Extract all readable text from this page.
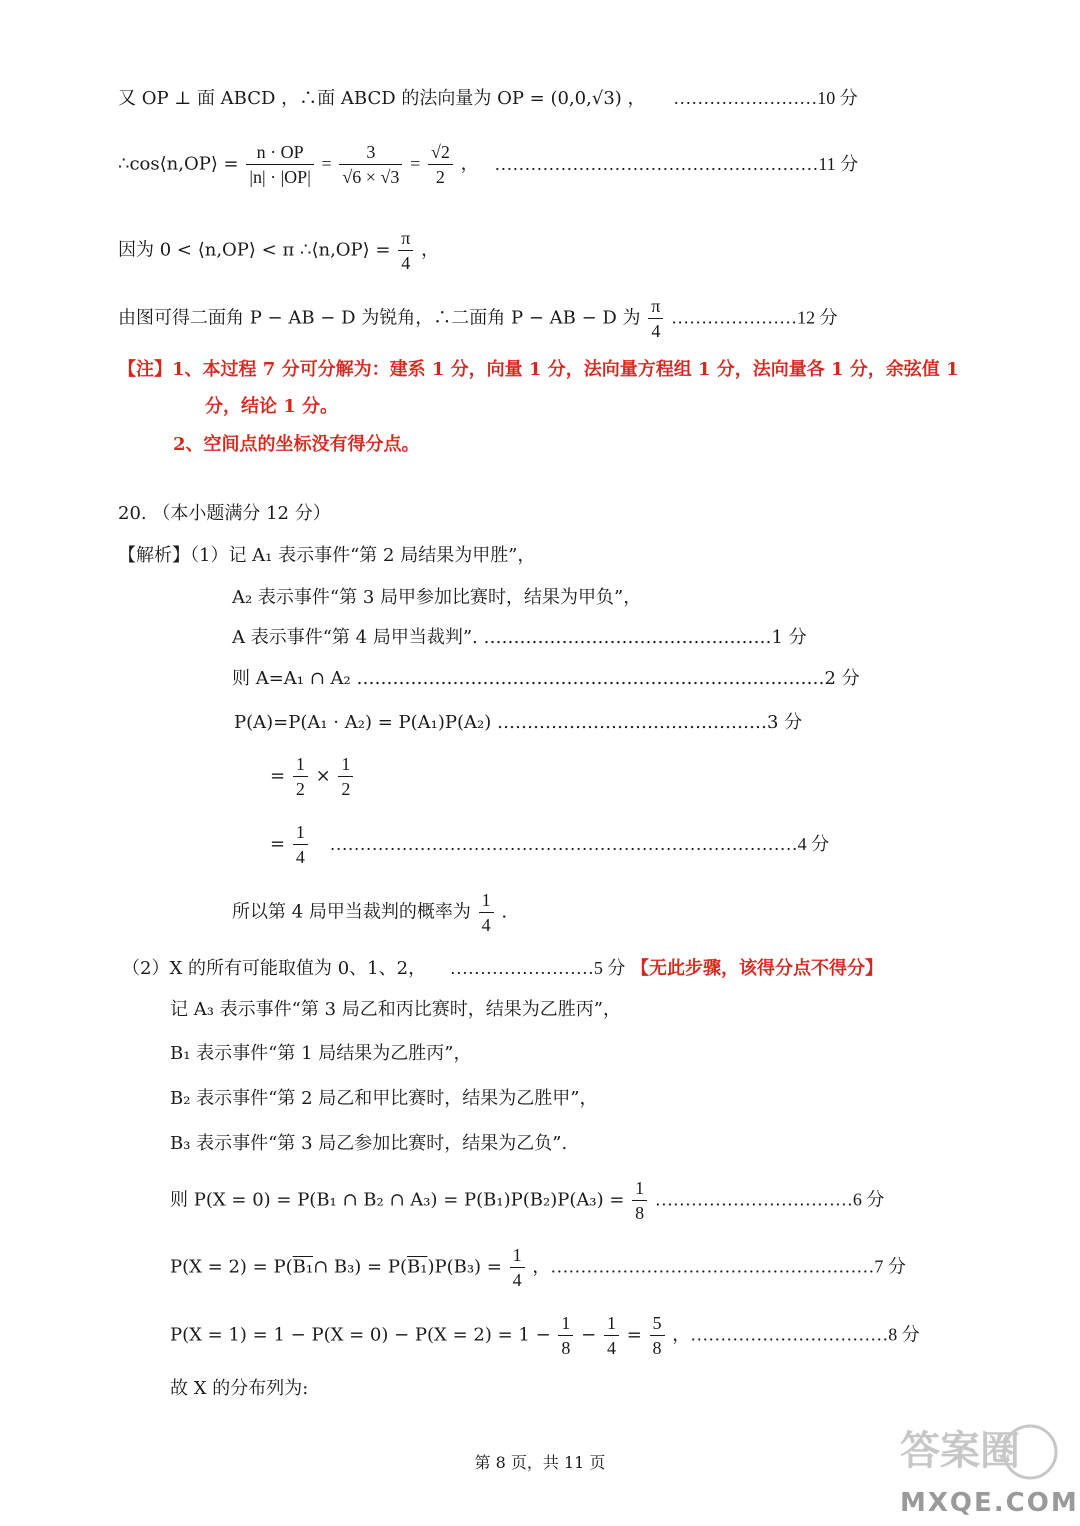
又 OP ⊥ 面 ABCD ，∴面 ABCD 的法向量为 OP = (0,0,√3) ， ……………………10 分
∴cos⟨n,OP⟩ = $\frac{n \cdot OP}{|n| \cdot |OP|} = \frac{3}{√6 \times √3} = \frac{√2}{2}$ ， ………………………………………………11 分
因为 0 < ⟨n,OP⟩ < π ∴⟨n,OP⟩ = $\frac{\pi}{4}$ ，
由图可得二面角 P − AB − D 为锐角，∴二面角 P − AB − D 为 $\frac{\pi}{4}$ …………………12 分
【注】1、本过程 7 分可分解为：建系 1 分，向量 1 分，法向量方程组 1 分，法向量各 1 分，余弦值 1
分，结论 1 分。
2、空间点的坐标没有得分点。
20. （本小题满分 12 分）
【解析】（1）记 A₁ 表示事件“第 2 局结果为甲胜”，
A₂ 表示事件“第 3 局甲参加比赛时，结果为甲负”，
A 表示事件“第 4 局甲当裁判”. …………………………………………1 分
则 A=A₁ ∩ A₂ ……………………………………………………………………2 分
P(A)=P(A₁ · A₂) = P(A₁)P(A₂) ………………………………………3 分
= $\frac{1}{2} \times \frac{1}{2}$
= $\frac{1}{4}$ ……………………………………………………………………4 分
所以第 4 局甲当裁判的概率为 $\frac{1}{4}$ .
（2）X 的所有可能取值为 0、1、2， ……………………5 分 【无此步骤，该得分点不得分】
记 A₃ 表示事件“第 3 局乙和丙比赛时，结果为乙胜丙”，
B₁ 表示事件“第 1 局结果为乙胜丙”，
B₂ 表示事件“第 2 局乙和甲比赛时，结果为乙胜甲”，
B₃ 表示事件“第 3 局乙参加比赛时，结果为乙负”.
则 P(X = 0) = P(B₁ ∩ B₂ ∩ $A_3) = P(B_1)P(B_2)P(A_3) = \frac{1}{8}$ ……………………………6 分
P(X = 2) = P(B₁∩ $B_3) = P(B_1)P(B_3) = \frac{1}{4}$ ，………………………………………………7 分
$P(X = 1) = 1 - P(X = 0) - P(X = 2) = 1 - \frac{1}{8} - \frac{1}{4} = \frac{5}{8}$ ，……………………………8 分
故 X 的分布列为:
第 8 页，共 11 页	答案圈
MXQE.COM
